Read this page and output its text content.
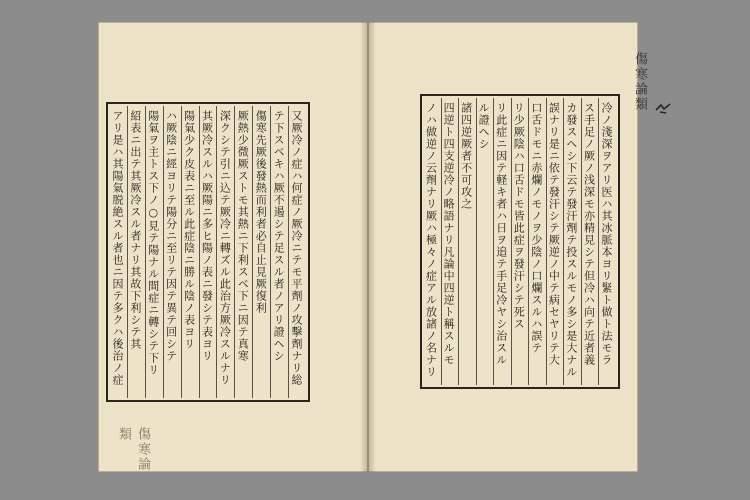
又厥冷ノ症ハ何症ノ厥冷ニテモ平劑ノ攻擊劑ナリ総
テ下スベキハ厥不遏シテ足スル者ノアリ證ヘシ
傷寒先厥後發熱而利者必自止見厥復利
厥熱少微厥ストモ其熱ニ下利スベ下ニ因テ真寒
深クシテ引ニ込テ厥冷ニ轉ズル此治方厥冷スルナリ
其厥冷スルハ厥陽ニ多ヒ陽ノ表ニ發シテ表ヨリ
陽氣少ク皮表ニ至ル此症陰ニ勝ル陰ノ表ヨリ
ハ厥陰ニ經ヨリテ陽分ニ至リテ因テ異テ回シテ
陽氣ヲ主トス下ノ○見テ陽ナル間症ニ轉シテ下リ
紹表ニ出テ其厥冷スル者ナリ其故下利シテ其
アリ是ハ其陽氣脱絶スル者也ニ因テ多クハ後治ノ症
傷寒論類
冷ノ淺深ヲアリ医ハ其冰脈本ヨリ緊ト做ト法モラ
ス手足ノ厥ノ浅深モ亦精見シテ但冷ハ向テ近者義
カ發スヘシ下云テ發汗劑テ投スルモノ多シ是大ナル
誤ナリ是ニ依テ發汗シテ厥逆ノ中テ病セヤリテ大
口舌ドモニ赤爛ノモノヲ少陰ノ口爛スルハ誤テ
リ少厥陰ハ口舌ドモ皆此症ヲ發汗シテ死ス
リ此症ニ因テ軽キ者ハ日ヲ追テ手足冷ヤシ治スル
ル證ヘシ
諸四逆厥者不可攻之
四逆ト四支逆冷ノ略語ナリ凡論中四逆ト稱スルモ
ノハ做逆ノ云劑ナリ厥ハ極々ノ症アル放諸ノ名ナリ
傷寒論類
